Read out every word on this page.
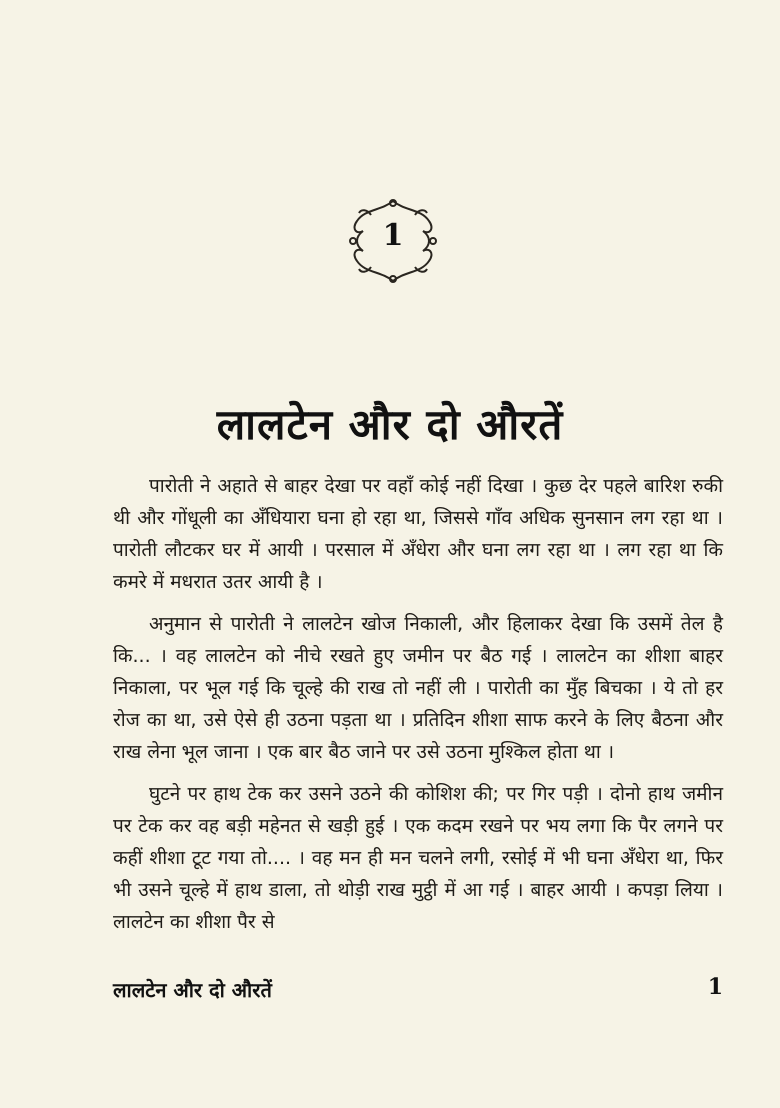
1
लालटेन और दो औरतें

पारोती ने अहाते से बाहर देखा पर वहाँ कोई नहीं दिखा । कुछ देर पहले बारिश रुकी थी और गोंधूली का अँधियारा घना हो रहा था, जिससे गाँव अधिक सुनसान लग रहा था । पारोती लौटकर घर में आयी । परसाल में अँधेरा और घना लग रहा था । लग रहा था कि कमरे में मधरात उतर आयी है ।

अनुमान से पारोती ने लालटेन खोज निकाली, और हिलाकर देखा कि उसमें तेल है कि... । वह लालटेन को नीचे रखते हुए जमीन पर बैठ गई । लालटेन का शीशा बाहर निकाला, पर भूल गई कि चूल्हे की राख तो नहीं ली । पारोती का मुँह बिचका । ये तो हर रोज का था, उसे ऐसे ही उठना पड़ता था । प्रतिदिन शीशा साफ करने के लिए बैठना और राख लेना भूल जाना । एक बार बैठ जाने पर उसे उठना मुश्किल होता था ।

घुटने पर हाथ टेक कर उसने उठने की कोशिश की; पर गिर पड़ी । दोनो हाथ जमीन पर टेक कर वह बड़ी महेनत से खड़ी हुई । एक कदम रखने पर भय लगा कि पैर लगने पर कहीं शीशा टूट गया तो.... । वह मन ही मन चलने लगी, रसोई में भी घना अँधेरा था, फिर भी उसने चूल्हे में हाथ डाला, तो थोड़ी राख मुट्ठी में आ गई । बाहर आयी । कपड़ा लिया । लालटेन का शीशा पैर से

लालटेन और दो औरतें	1
